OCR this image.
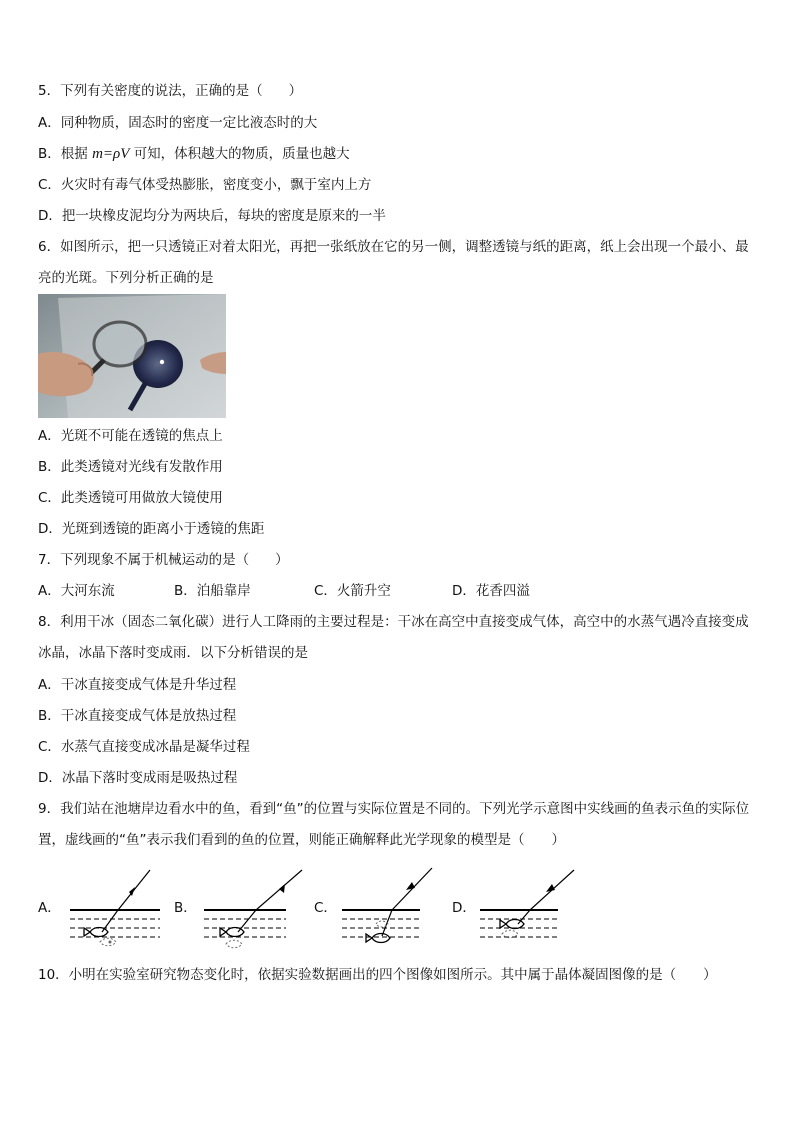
5．下列有关密度的说法，正确的是（ ）
A．同种物质，固态时的密度一定比液态时的大
B．根据 m=ρV 可知，体积越大的物质，质量也越大
C．火灾时有毒气体受热膨胀，密度变小，飘于室内上方
D．把一块橡皮泥均分为两块后，每块的密度是原来的一半
6．如图所示，把一只透镜正对着太阳光，再把一张纸放在它的另一侧，调整透镜与纸的距离，纸上会出现一个最小、最亮的光斑。下列分析正确的是
A．光斑不可能在透镜的焦点上
B．此类透镜对光线有发散作用
C．此类透镜可用做放大镜使用
D．光斑到透镜的距离小于透镜的焦距
7．下列现象不属于机械运动的是（ ）
A．大河东流	B．泊船靠岸	C．火箭升空	D．花香四溢
8．利用干冰（固态二氧化碳）进行人工降雨的主要过程是：干冰在高空中直接变成气体，高空中的水蒸气遇冷直接变成冰晶，冰晶下落时变成雨．以下分析错误的是
A．干冰直接变成气体是升华过程
B．干冰直接变成气体是放热过程
C．水蒸气直接变成冰晶是凝华过程
D．冰晶下落时变成雨是吸热过程
9．我们站在池塘岸边看水中的鱼，看到“鱼”的位置与实际位置是不同的。下列光学示意图中实线画的鱼表示鱼的实际位置，虚线画的“鱼”表示我们看到的鱼的位置，则能正确解释此光学现象的模型是（　　）
A．	B．	C．	D．
10．小明在实验室研究物态变化时，依据实验数据画出的四个图像如图所示。其中属于晶体凝固图像的是（　　）
